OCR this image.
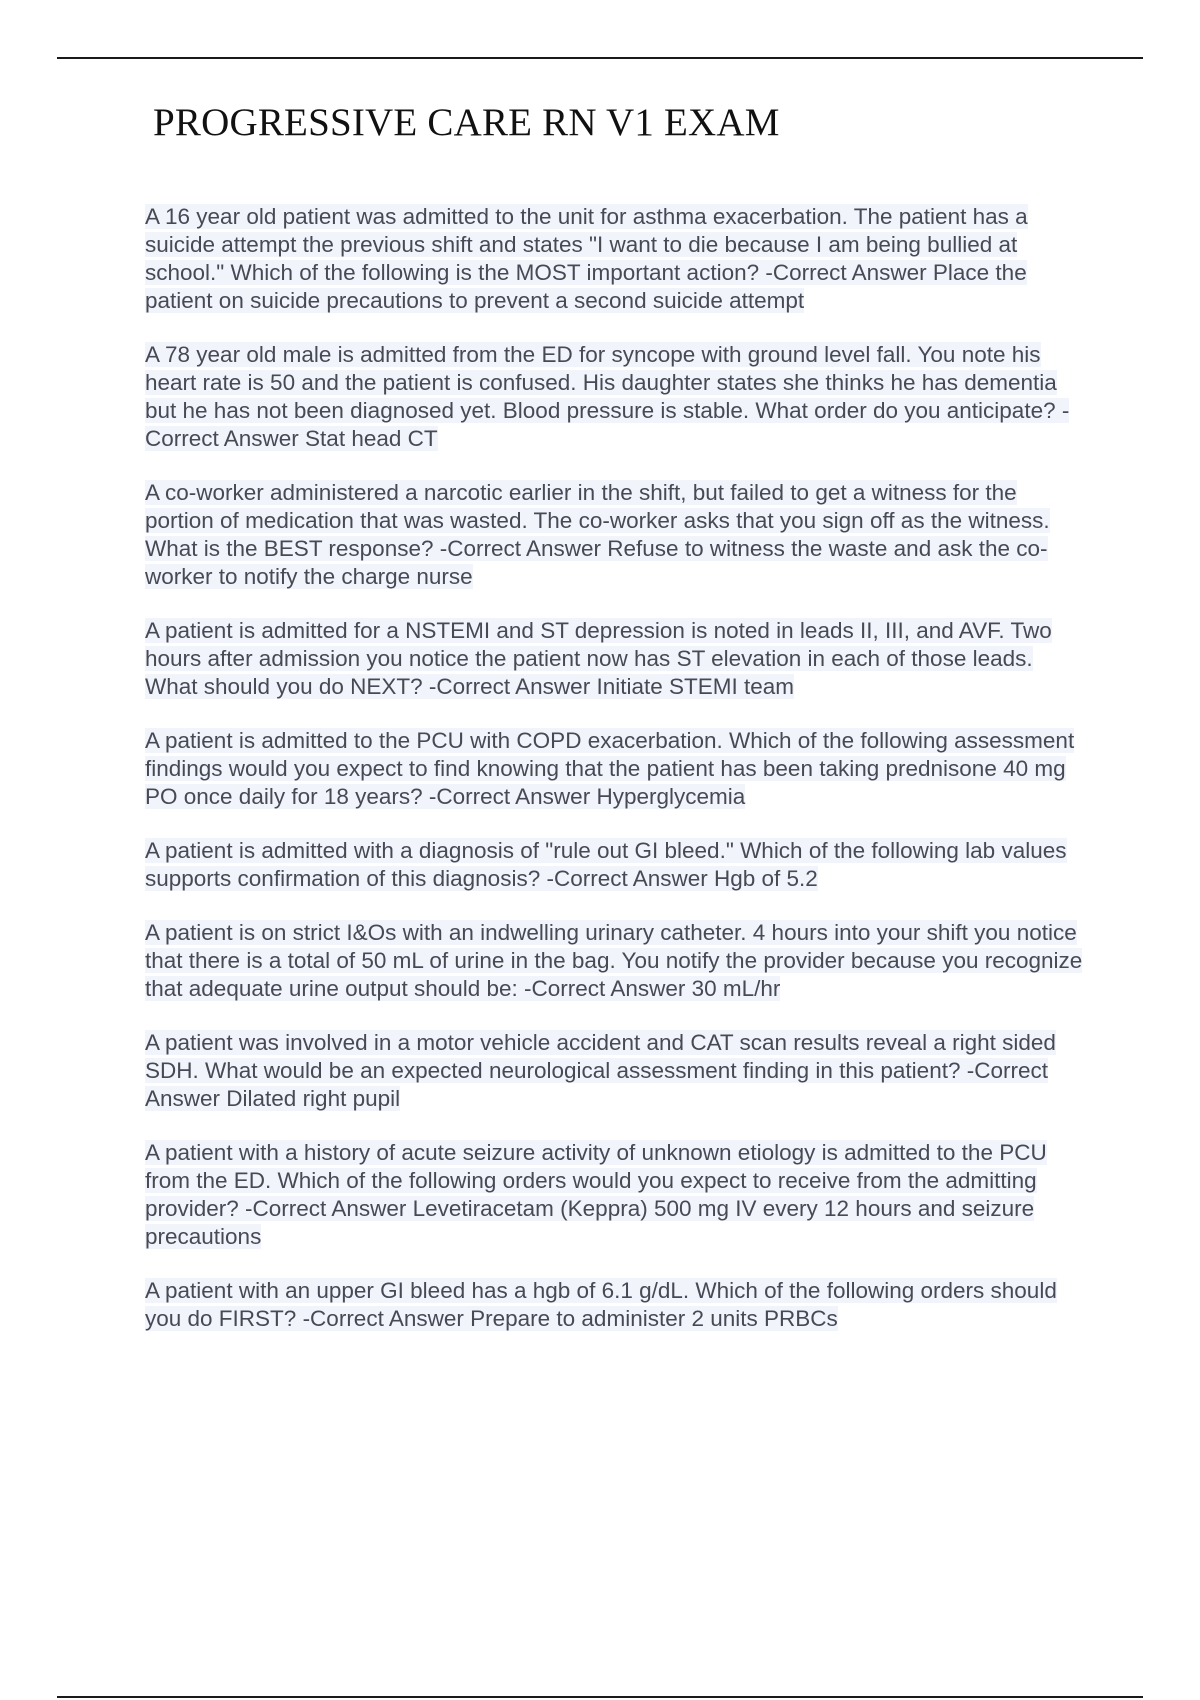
PROGRESSIVE CARE RN V1 EXAM
A 16 year old patient was admitted to the unit for asthma exacerbation. The patient has a suicide attempt the previous shift and states "I want to die because I am being bullied at school." Which of the following is the MOST important action? -Correct Answer Place the patient on suicide precautions to prevent a second suicide attempt
A 78 year old male is admitted from the ED for syncope with ground level fall. You note his heart rate is 50 and the patient is confused. His daughter states she thinks he has dementia but he has not been diagnosed yet. Blood pressure is stable. What order do you anticipate? -Correct Answer Stat head CT
A co-worker administered a narcotic earlier in the shift, but failed to get a witness for the portion of medication that was wasted. The co-worker asks that you sign off as the witness. What is the BEST response? -Correct Answer Refuse to witness the waste and ask the co-worker to notify the charge nurse
A patient is admitted for a NSTEMI and ST depression is noted in leads II, III, and AVF. Two hours after admission you notice the patient now has ST elevation in each of those leads. What should you do NEXT? -Correct Answer Initiate STEMI team
A patient is admitted to the PCU with COPD exacerbation. Which of the following assessment findings would you expect to find knowing that the patient has been taking prednisone 40 mg PO once daily for 18 years? -Correct Answer Hyperglycemia
A patient is admitted with a diagnosis of "rule out GI bleed." Which of the following lab values supports confirmation of this diagnosis? -Correct Answer Hgb of 5.2
A patient is on strict I&Os with an indwelling urinary catheter. 4 hours into your shift you notice that there is a total of 50 mL of urine in the bag. You notify the provider because you recognize that adequate urine output should be: -Correct Answer 30 mL/hr
A patient was involved in a motor vehicle accident and CAT scan results reveal a right sided SDH. What would be an expected neurological assessment finding in this patient? -Correct Answer Dilated right pupil
A patient with a history of acute seizure activity of unknown etiology is admitted to the PCU from the ED. Which of the following orders would you expect to receive from the admitting provider? -Correct Answer Levetiracetam (Keppra) 500 mg IV every 12 hours and seizure precautions
A patient with an upper GI bleed has a hgb of 6.1 g/dL. Which of the following orders should you do FIRST? -Correct Answer Prepare to administer 2 units PRBCs
